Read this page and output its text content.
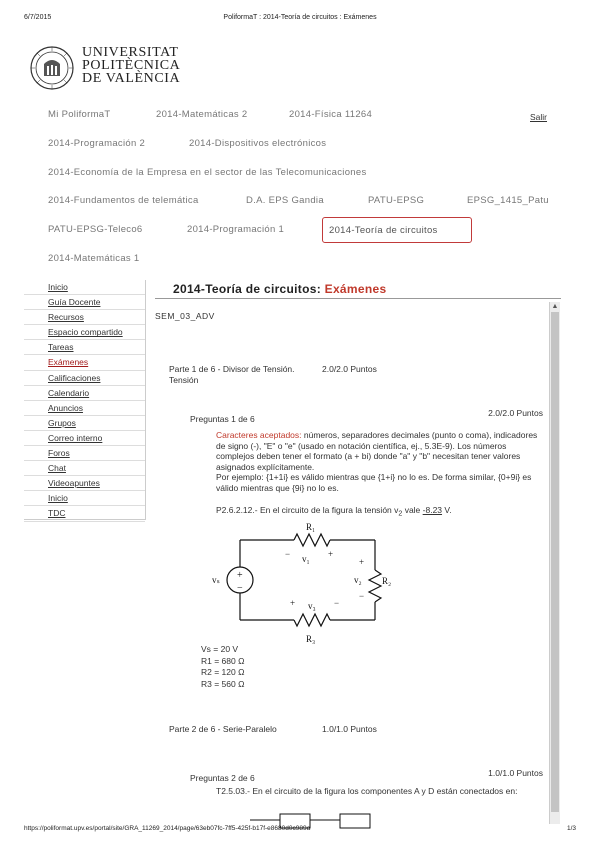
6/7/2015	PoliformaT : 2014-Teoría de circuitos : Exámenes
UNIVERSITAT
POLITÈCNICA
DE VALÈNCIA
Mi PoliformaT	2014-Matemáticas 2	2014-Física 11264	Salir
2014-Programación 2	2014-Dispositivos electrónicos
2014-Economía de la Empresa en el sector de las Telecomunicaciones
2014-Fundamentos de telemática	D.A. EPS Gandia	PATU-EPSG	EPSG_1415_Patu
PATU-EPSG-Teleco6	2014-Programación 1	2014-Teoría de circuitos
2014-Matemáticas 1
Inicio
Guía Docente
Recursos
Espacio compartido
Tareas
Exámenes
Calificaciones
Calendario
Anuncios
Grupos
Correo interno
Foros
Chat
Videoapuntes
Inicio
TDC
2014-Teoría de circuitos: Exámenes
SEM_03_ADV
Parte 1 de 6 - Divisor de Tensión. Tensión
2.0/2.0 Puntos
Preguntas 1 de 6
2.0/2.0 Puntos
Caracteres aceptados: números, separadores decimales (punto o coma), indicadores de signo (-), "E" o "e" (usado en notación científica, ej., 5.3E-9). Los números complejos deben tener el formato (a + bi) donde "a" y "b" necesitan tener valores asignados explícitamente.
Por ejemplo: {1+1i} es válido mientras que {1+i} no lo es. De forma similar, {0+9i} es válido mientras que {9i} no lo es.
P2.6.2.12.- En el circuito de la figura la tensión $v_2$ vale -8.23 V.
R₁
R₂
R₃
vₛ
v₁
v₂
v₃
+
−
−	+
+
−
+	−
Vs = 20 V
R1 = 680 Ω
R2 = 120 Ω
R3 = 560 Ω
Parte 2 de 6 - Serie-Paralelo	1.0/1.0 Puntos
Preguntas 2 de 6	1.0/1.0 Puntos
T2.5.03.- En el circuito de la figura los componentes A y D están conectados en:
▲
https://poliformat.upv.es/portal/site/GRA_11269_2014/page/63eb07fc-7ff5-425f-b17f-e8680d0c989a	1/3
